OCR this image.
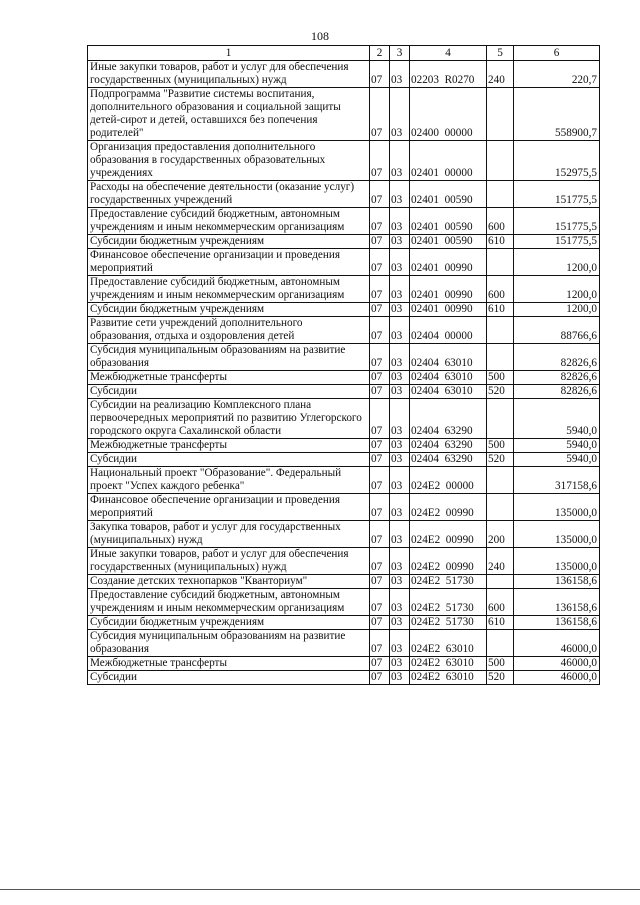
108
1	2	3	4	5	6
Иные закупки товаров, работ и услуг для обеспечения государственных (муниципальных) нужд	07	03	02203  R0270	240	220,7
Подпрограмма "Развитие системы воспитания, дополнительного образования и социальной защиты детей-сирот и детей, оставшихся без попечения родителей"	07	03	02400  00000		558900,7
Организация предоставления дополнительного образования в государственных образовательных учреждениях	07	03	02401  00000		152975,5
Расходы на обеспечение деятельности (оказание услуг) государственных учреждений	07	03	02401  00590		151775,5
Предоставление субсидий бюджетным, автономным учреждениям и иным некоммерческим организациям	07	03	02401  00590	600	151775,5
Субсидии бюджетным учреждениям	07	03	02401  00590	610	151775,5
Финансовое обеспечение организации и проведения мероприятий	07	03	02401  00990		1200,0
Предоставление субсидий бюджетным, автономным учреждениям и иным некоммерческим организациям	07	03	02401  00990	600	1200,0
Субсидии бюджетным учреждениям	07	03	02401  00990	610	1200,0
Развитие сети учреждений дополнительного образования, отдыха и оздоровления детей	07	03	02404  00000		88766,6
Субсидия муниципальным образованиям на развитие образования	07	03	02404  63010		82826,6
Межбюджетные трансферты	07	03	02404  63010	500	82826,6
Субсидии	07	03	02404  63010	520	82826,6
Субсидии на реализацию Комплексного плана первоочередных мероприятий по развитию Углегорского городского округа Сахалинской области	07	03	02404  63290		5940,0
Межбюджетные трансферты	07	03	02404  63290	500	5940,0
Субсидии	07	03	02404  63290	520	5940,0
Национальный проект "Образование". Федеральный проект "Успех каждого ребенка"	07	03	024E2  00000		317158,6
Финансовое обеспечение организации и проведения мероприятий	07	03	024E2  00990		135000,0
Закупка товаров, работ и услуг для государственных (муниципальных) нужд	07	03	024E2  00990	200	135000,0
Иные закупки товаров, работ и услуг для обеспечения государственных (муниципальных) нужд	07	03	024E2  00990	240	135000,0
Создание детских технопарков "Кванториум"	07	03	024E2  51730		136158,6
Предоставление субсидий бюджетным, автономным учреждениям и иным некоммерческим организациям	07	03	024E2  51730	600	136158,6
Субсидии бюджетным учреждениям	07	03	024E2  51730	610	136158,6
Субсидия муниципальным образованиям на развитие образования	07	03	024E2  63010		46000,0
Межбюджетные трансферты	07	03	024E2  63010	500	46000,0
Субсидии	07	03	024E2  63010	520	46000,0
